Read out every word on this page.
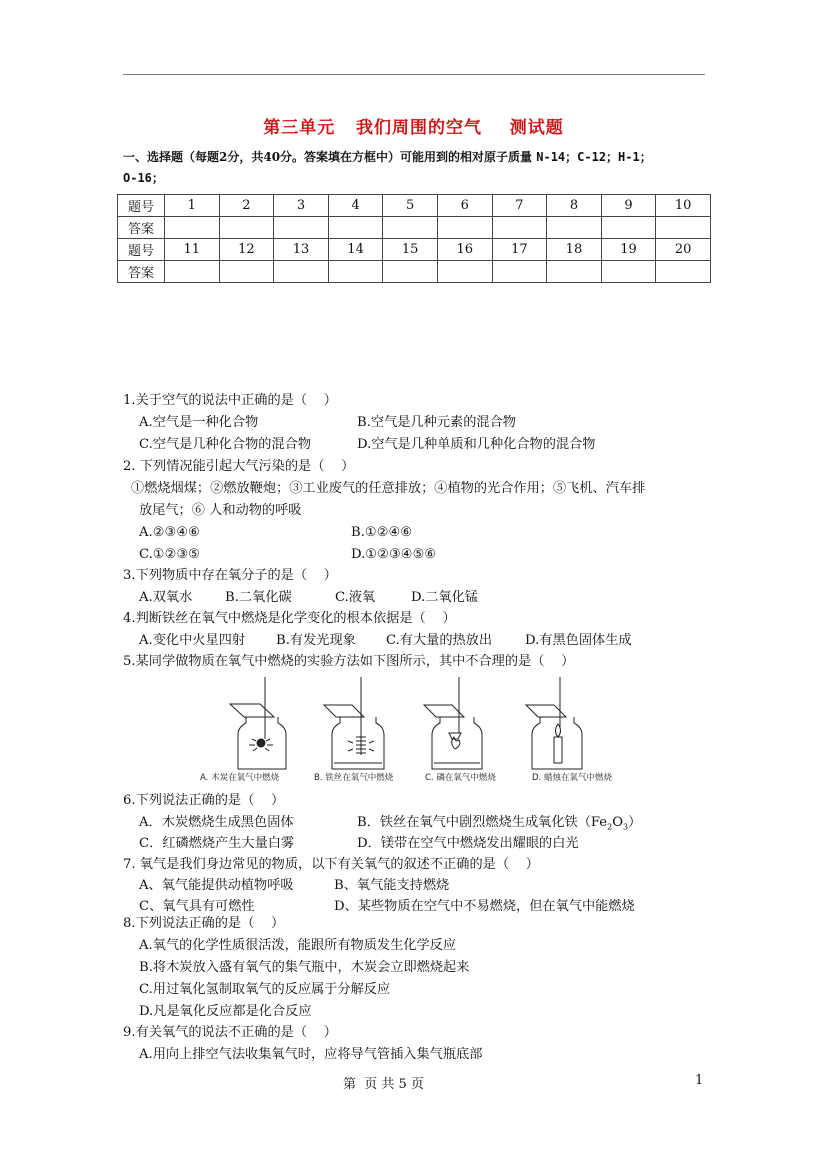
第三单元   我们周围的空气    测试题
一、选择题（每题2分，共40分。答案填在方框中）可能用到的相对原子质量 N-14；C-12；H-1；
O-16；
题号	1	2	3	4	5	6	7	8	9	10
答案										
题号	11	12	13	14	15	16	17	18	19	20
答案										
1.关于空气的说法中正确的是（    ）
A.空气是一种化合物	B.空气是几种元素的混合物
C.空气是几种化合物的混合物	D.空气是几种单质和几种化合物的混合物
2. 下列情况能引起大气污染的是（    ）
①燃烧烟煤；②燃放鞭炮；③工业废气的任意排放；④植物的光合作用；⑤飞机、汽车排
放尾气；⑥ 人和动物的呼吸
A.②③④⑥	B.①②④⑥
C.①②③⑤	D.①②③④⑤⑥
3.下列物质中存在氧分子的是（    ）
A.双氧水 B.二氧化碳	C.液氧	D.二氧化锰
4.判断铁丝在氧气中燃烧是化学变化的根本依据是（    ）
A.变化中火星四射 B.有发光现象 C.有大量的热放出 D.有黑色固体生成
5.某同学做物质在氧气中燃烧的实验方法如下图所示，其中不合理的是（    ）
A. 木炭在氧气中燃烧	B. 铁丝在氧气中燃烧	C. 磷在氧气中燃烧	D. 蜡烛在氧气中燃烧
6.下列说法正确的是（    ）
A．木炭燃烧生成黑色固体	B．铁丝在氧气中剧烈燃烧生成氧化铁$(Fe_2O_3)$
C．红磷燃烧产生大量白雾	D．镁带在空气中燃烧发出耀眼的白光
7. 氧气是我们身边常见的物质，以下有关氧气的叙述不正确的是（    ）
A、氧气能提供动植物呼吸	B、氧气能支持燃烧
C、氧气具有可燃性	D、某些物质在空气中不易燃烧，但在氧气中能燃烧
8.下列说法正确的是（    ）
A.氧气的化学性质很活泼，能跟所有物质发生化学反应
B.将木炭放入盛有氧气的集气瓶中，木炭会立即燃烧起来
C.用过氧化氢制取氧气的反应属于分解反应
D.凡是氧化反应都是化合反应
9.有关氧气的说法不正确的是（    ）
A.用向上排空气法收集氧气时，应将导气管插入集气瓶底部
第  页 共 5 页	1
